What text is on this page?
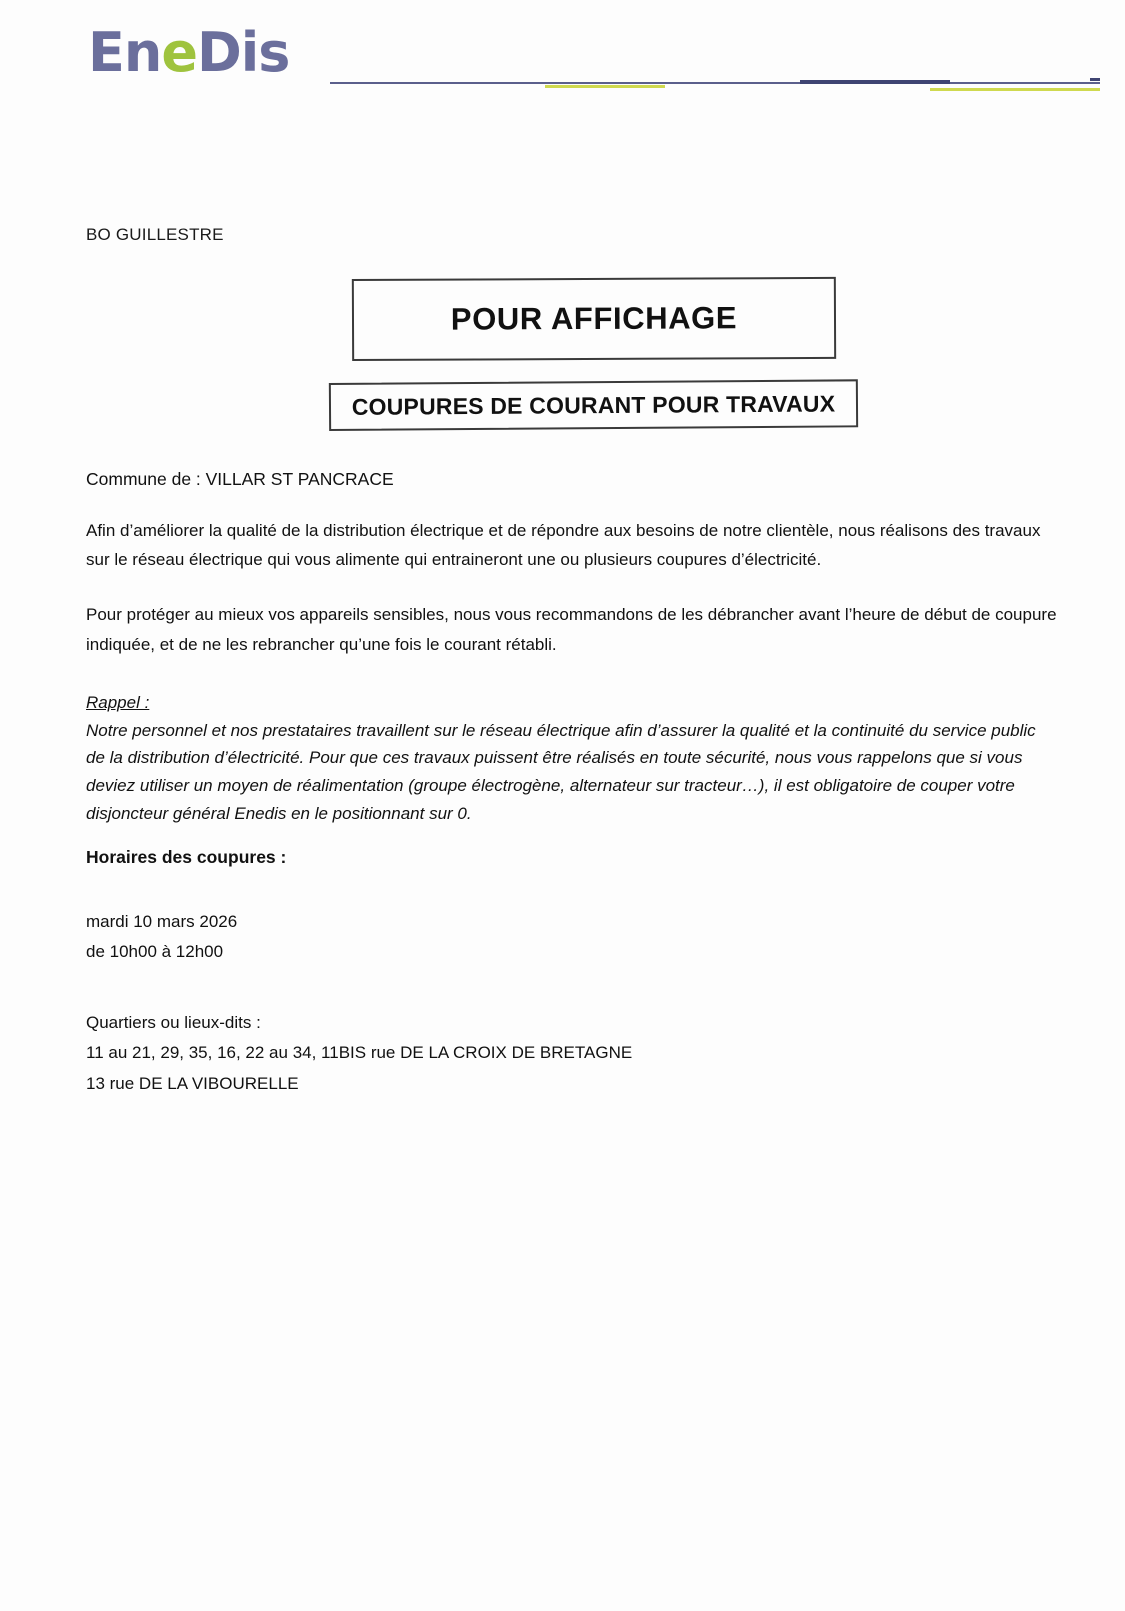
EneDis
BO GUILLESTRE
POUR AFFICHAGE
COUPURES DE COURANT POUR TRAVAUX
Commune de : VILLAR ST PANCRACE

Afin d’améliorer la qualité de la distribution électrique et de répondre aux besoins de notre clientèle, nous réalisons des travaux sur le réseau électrique qui vous alimente qui entraineront une ou plusieurs coupures d’électricité.

Pour protéger au mieux vos appareils sensibles, nous vous recommandons de les débrancher avant l’heure de début de coupure indiquée, et de ne les rebrancher qu’une fois le courant rétabli.

Rappel :
Notre personnel et nos prestataires travaillent sur le réseau électrique afin d’assurer la qualité et la continuité du service public de la distribution d’électricité. Pour que ces travaux puissent être réalisés en toute sécurité, nous vous rappelons que si vous deviez utiliser un moyen de réalimentation (groupe électrogène, alternateur sur tracteur…), il est obligatoire de couper votre disjoncteur général Enedis en le positionnant sur 0.
Horaires des coupures :
mardi 10 mars 2026
de 10h00 à 12h00
Quartiers ou lieux-dits :
11 au 21, 29, 35, 16, 22 au 34, 11BIS rue DE LA CROIX DE BRETAGNE
13 rue DE LA VIBOURELLE
